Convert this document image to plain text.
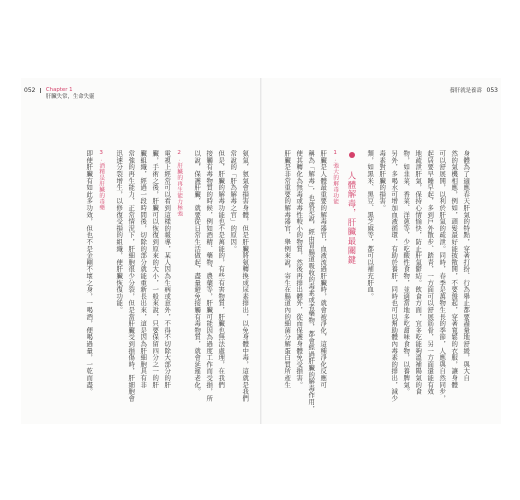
052 Chapter 1
肝臟失常，生命失靈
養肝就是養壽 053
身體為了適應春天肝氣的特點，穿著打扮、行為舉止都要盡量地舒緩，與大自
然的氣機相應，例如，頭髮最好能披散開，不要盤起，穿著寬鬆的衣服，讓身體
可以舒展開，以利於肝氣的疏泄。同時，春季是萬物生長的季節，人應與自然同步，
起居要早睡早起，多到戶外散步、踏青，一方面可以舒展筋骨，另一方面還能有效
地疏泄肝氣，保持心情愉快，防止肝氣鬱結。飲食方面，宜多吃能夠溫補陽氣的食
物，如韭菜、香菜、洋蔥等，少吃酸性食物，並適當地多吃甜味食物，以養脾氣。
另外，多喝水可增加血液循環，有助於養肝，同時也可以幫助體內毒素的排出，減少
毒素對肝臟的損害。
類，如黑米、黑豆、黑芝麻等，都可以補充肝血。
人體解毒，肝臟最關鍵
1.強大的解毒功能
肝臟是人體最重要的解毒器官，血液流過肝臟時，就會被淨化，這種淨化反應可
稱為「解毒」，也就是說，經由胃腸道吸收的毒素或者藥物，都會經過肝臟的解毒作用，
使其轉化為無毒或毒性較小的物質，然後再排出體外，從而保護身體免受損害。
肝臟是非常重要的解毒器官，舉例來說，寄生在腸道內的細菌分解蛋白質所產生
氨氣，氨氣會損害身體，但是肝臟將氨轉換成尿素排出，以免身體中毒，這就是我們
常說的「肝為解毒之官」的原因。
但是，肝臟的解毒功能也不是萬能的，有些有害物質，肝臟也無法處理，在我們
接觸有毒物質的時候，例如酒精、藥物、農藥等，肝臟可能因為過度工作而受損，所
以說，保護肝臟，就要從日常生活做起，盡量避免接觸有毒物質，就會延遲老化。
2.肝臟的再生能力極強
電視上經常可以看到這樣的報導，某人因為生病或意外，不得不切除大部分的肝
臟，手術之後，肝臟可以恢復到原來的大小，一般來說，只要保留四分之一的肝
臟組織，經過一段時間後，切除的部分就能重新長出來，這是因為肝細胞具有非
常強的再生能力，正常情況下，肝細胞很少分裂，但是當肝臟受到損傷時，肝細胞會
迅速分裂增生，以修復受損的組織，使肝臟恢復功能。
3.酒精是肝臟的毒藥
即使肝臟有如此多功效，但也不是金剛不壞之身，一喝酒，便喝過量，一乾而盡。
